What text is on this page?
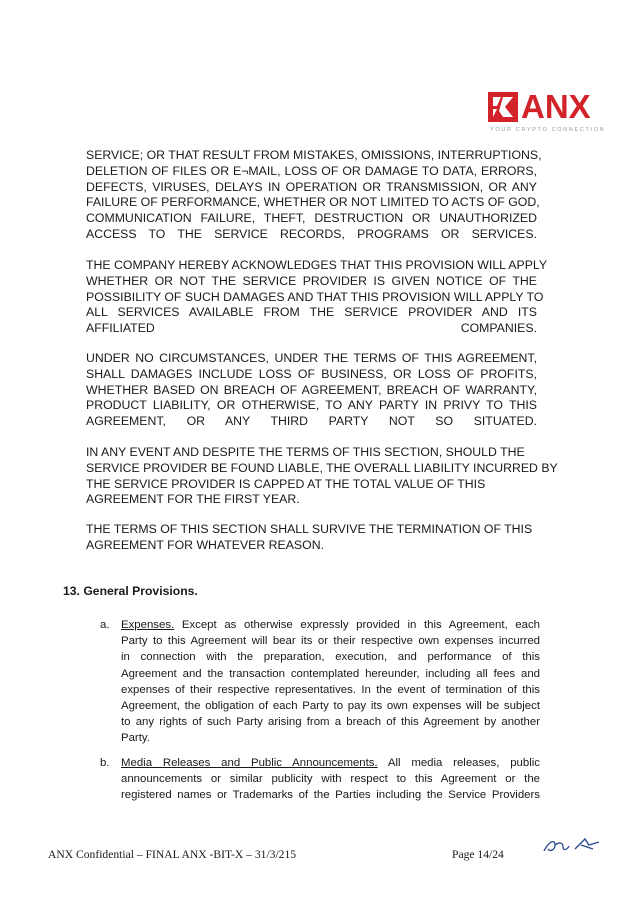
ANX
YOUR CRYPTO CONNECTION

SERVICE; OR THAT RESULT FROM MISTAKES, OMISSIONS, INTERRUPTIONS,
DELETION OF FILES OR E¬MAIL, LOSS OF OR DAMAGE TO DATA, ERRORS,
DEFECTS, VIRUSES, DELAYS IN OPERATION OR TRANSMISSION, OR ANY
FAILURE OF PERFORMANCE, WHETHER OR NOT LIMITED TO ACTS OF GOD,
COMMUNICATION FAILURE, THEFT, DESTRUCTION OR UNAUTHORIZED
ACCESS TO THE SERVICE RECORDS, PROGRAMS OR SERVICES.

THE COMPANY HEREBY ACKNOWLEDGES THAT THIS PROVISION WILL APPLY
WHETHER OR NOT THE SERVICE PROVIDER IS GIVEN NOTICE OF THE
POSSIBILITY OF SUCH DAMAGES AND THAT THIS PROVISION WILL APPLY TO
ALL SERVICES AVAILABLE FROM THE SERVICE PROVIDER AND ITS
AFFILIATED COMPANIES.

UNDER NO CIRCUMSTANCES, UNDER THE TERMS OF THIS AGREEMENT,
SHALL DAMAGES INCLUDE LOSS OF BUSINESS, OR LOSS OF PROFITS,
WHETHER BASED ON BREACH OF AGREEMENT, BREACH OF WARRANTY,
PRODUCT LIABILITY, OR OTHERWISE, TO ANY PARTY IN PRIVY TO THIS
AGREEMENT, OR ANY THIRD PARTY NOT SO SITUATED.

IN ANY EVENT AND DESPITE THE TERMS OF THIS SECTION, SHOULD THE
SERVICE PROVIDER BE FOUND LIABLE, THE OVERALL LIABILITY INCURRED BY
THE SERVICE PROVIDER IS CAPPED AT THE TOTAL VALUE OF THIS
AGREEMENT FOR THE FIRST YEAR.

THE TERMS OF THIS SECTION SHALL SURVIVE THE TERMINATION OF THIS
AGREEMENT FOR WHATEVER REASON.

13. General Provisions.
a.	Expenses. Except as otherwise expressly provided in this Agreement, each
Party to this Agreement will bear its or their respective own expenses incurred
in connection with the preparation, execution, and performance of this
Agreement and the transaction contemplated hereunder, including all fees and
expenses of their respective representatives. In the event of termination of this
Agreement, the obligation of each Party to pay its own expenses will be subject
to any rights of such Party arising from a breach of this Agreement by another
Party.
b.	Media Releases and Public Announcements. All media releases, public
announcements or similar publicity with respect to this Agreement or the
registered names or Trademarks of the Parties including the Service Providers
ANX Confidential – FINAL ANX -BIT-X – 31/3/215	Page 14/24
